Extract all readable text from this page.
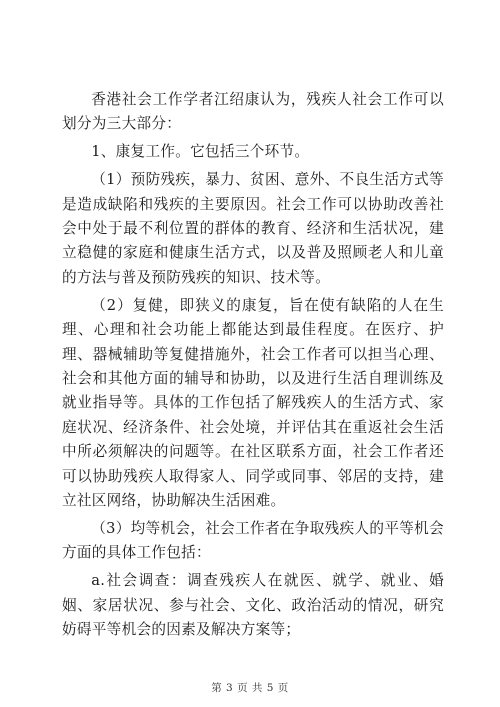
香港社会工作学者江绍康认为，残疾人社会工作可以划分为三大部分：

1、康复工作。它包括三个环节。

（1）预防残疾，暴力、贫困、意外、不良生活方式等是造成缺陷和残疾的主要原因。社会工作可以协助改善社会中处于最不利位置的群体的教育、经济和生活状况，建立稳健的家庭和健康生活方式，以及普及照顾老人和儿童的方法与普及预防残疾的知识、技术等。

（2）复健，即狭义的康复，旨在使有缺陷的人在生理、心理和社会功能上都能达到最佳程度。在医疗、护理、器械辅助等复健措施外，社会工作者可以担当心理、社会和其他方面的辅导和协助，以及进行生活自理训练及就业指导等。具体的工作包括了解残疾人的生活方式、家庭状况、经济条件、社会处境，并评估其在重返社会生活中所必须解决的问题等。在社区联系方面，社会工作者还可以协助残疾人取得家人、同学或同事、邻居的支持，建立社区网络，协助解决生活困难。

（3）均等机会，社会工作者在争取残疾人的平等机会方面的具体工作包括：

a.社会调查：调查残疾人在就医、就学、就业、婚姻、家居状况、参与社会、文化、政治活动的情况，研究妨碍平等机会的因素及解决方案等；

第 3 页 共 5 页
